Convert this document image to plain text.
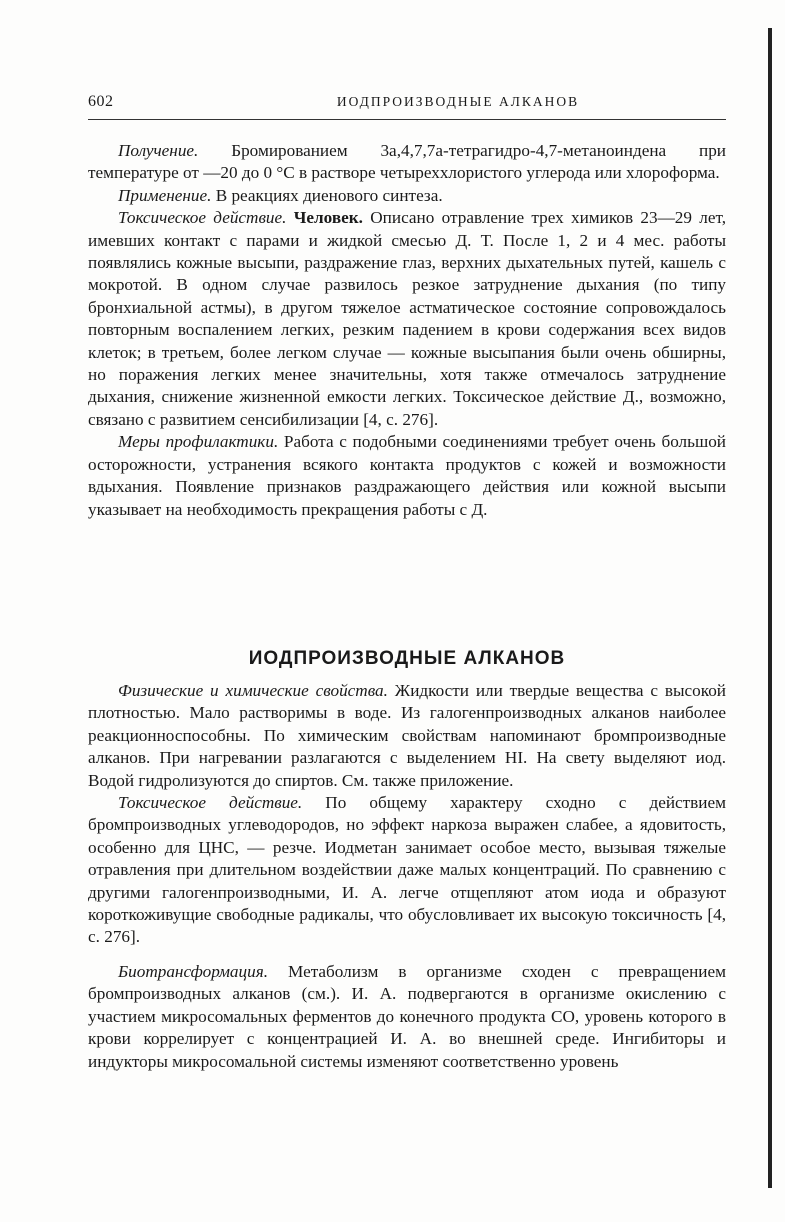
602	ИОДПРОИЗВОДНЫЕ АЛКАНОВ

Получение. Бромированием 3а,4,7,7а-тетрагидро-4,7-метаноиндена при температуре от —20 до 0 °С в растворе четыреххлористого углерода или хлороформа.

Применение. В реакциях диенового синтеза.

Токсическое действие. Человек. Описано отравление трех химиков 23—29 лет, имевших контакт с парами и жидкой смесью Д. Т. После 1, 2 и 4 мес. работы появлялись кожные высыпи, раздражение глаз, верхних дыхательных путей, кашель с мокротой. В одном случае развилось резкое затруднение дыхания (по типу бронхиальной астмы), в другом тяжелое астматическое состояние сопровождалось повторным воспалением легких, резким падением в крови содержания всех видов клеток; в третьем, более легком случае — кожные высыпания были очень обширны, но поражения легких менее значительны, хотя также отмечалось затруднение дыхания, снижение жизненной емкости легких. Токсическое действие Д., возможно, связано с развитием сенсибилизации [4, с. 276].

Меры профилактики. Работа с подобными соединениями требует очень большой осторожности, устранения всякого контакта продуктов с кожей и возможности вдыхания. Появление признаков раздражающего действия или кожной высыпи указывает на необходимость прекращения работы с Д.

ИОДПРОИЗВОДНЫЕ АЛКАНОВ

Физические и химические свойства. Жидкости или твердые вещества с высокой плотностью. Мало растворимы в воде. Из галогенпроизводных алканов наиболее реакционноспособны. По химическим свойствам напоминают бромпроизводные алканов. При нагревании разлагаются с выделением HI. На свету выделяют иод. Водой гидролизуются до спиртов. См. также приложение.

Токсическое действие. По общему характеру сходно с действием бромпроизводных углеводородов, но эффект наркоза выражен слабее, а ядовитость, особенно для ЦНС, — резче. Иодметан занимает особое место, вызывая тяжелые отравления при длительном воздействии даже малых концентраций. По сравнению с другими галогенпроизводными, И. А. легче отщепляют атом иода и образуют короткоживущие свободные радикалы, что обусловливает их высокую токсичность [4, с. 276].

Биотрансформация. Метаболизм в организме сходен с превращением бромпроизводных алканов (см.). И. А. подвергаются в организме окислению с участием микросомальных ферментов до конечного продукта CO, уровень которого в крови коррелирует с концентрацией И. А. во внешней среде. Ингибиторы и индукторы микросомальной системы изменяют соответственно уровень
